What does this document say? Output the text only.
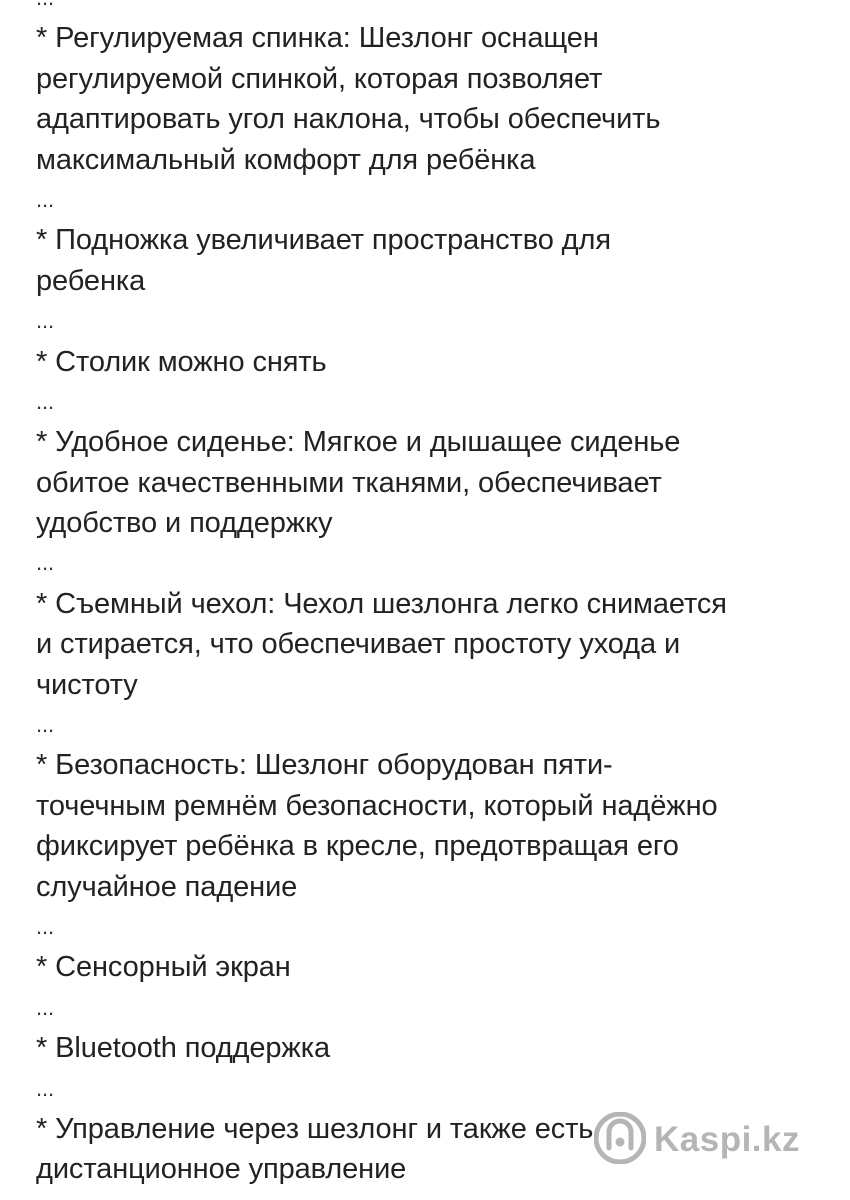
* Регулируемая спинка: Шезлонг оснащен
регулируемой спинкой, которая позволяет
адаптировать угол наклона, чтобы обеспечить
максимальный комфорт для ребёнка
...
* Подножка увеличивает пространство для
ребенка
...
* Столик можно снять
...
* Удобное сиденье: Мягкое и дышащее сиденье
обитое качественными тканями, обеспечивает
удобство и поддержку
...
* Съемный чехол: Чехол шезлонга легко снимается
и стирается, что обеспечивает простоту ухода и
чистоту
...
* Безопасность: Шезлонг оборудован пяти-
точечным ремнём безопасности, который надёжно
фиксирует ребёнка в кресле, предотвращая его
случайное падение
...
* Сенсорный экран
...
* Bluetooth поддержка
...
* Управление через шезлонг и также есть
дистанционное управление
Kaspi.kz
